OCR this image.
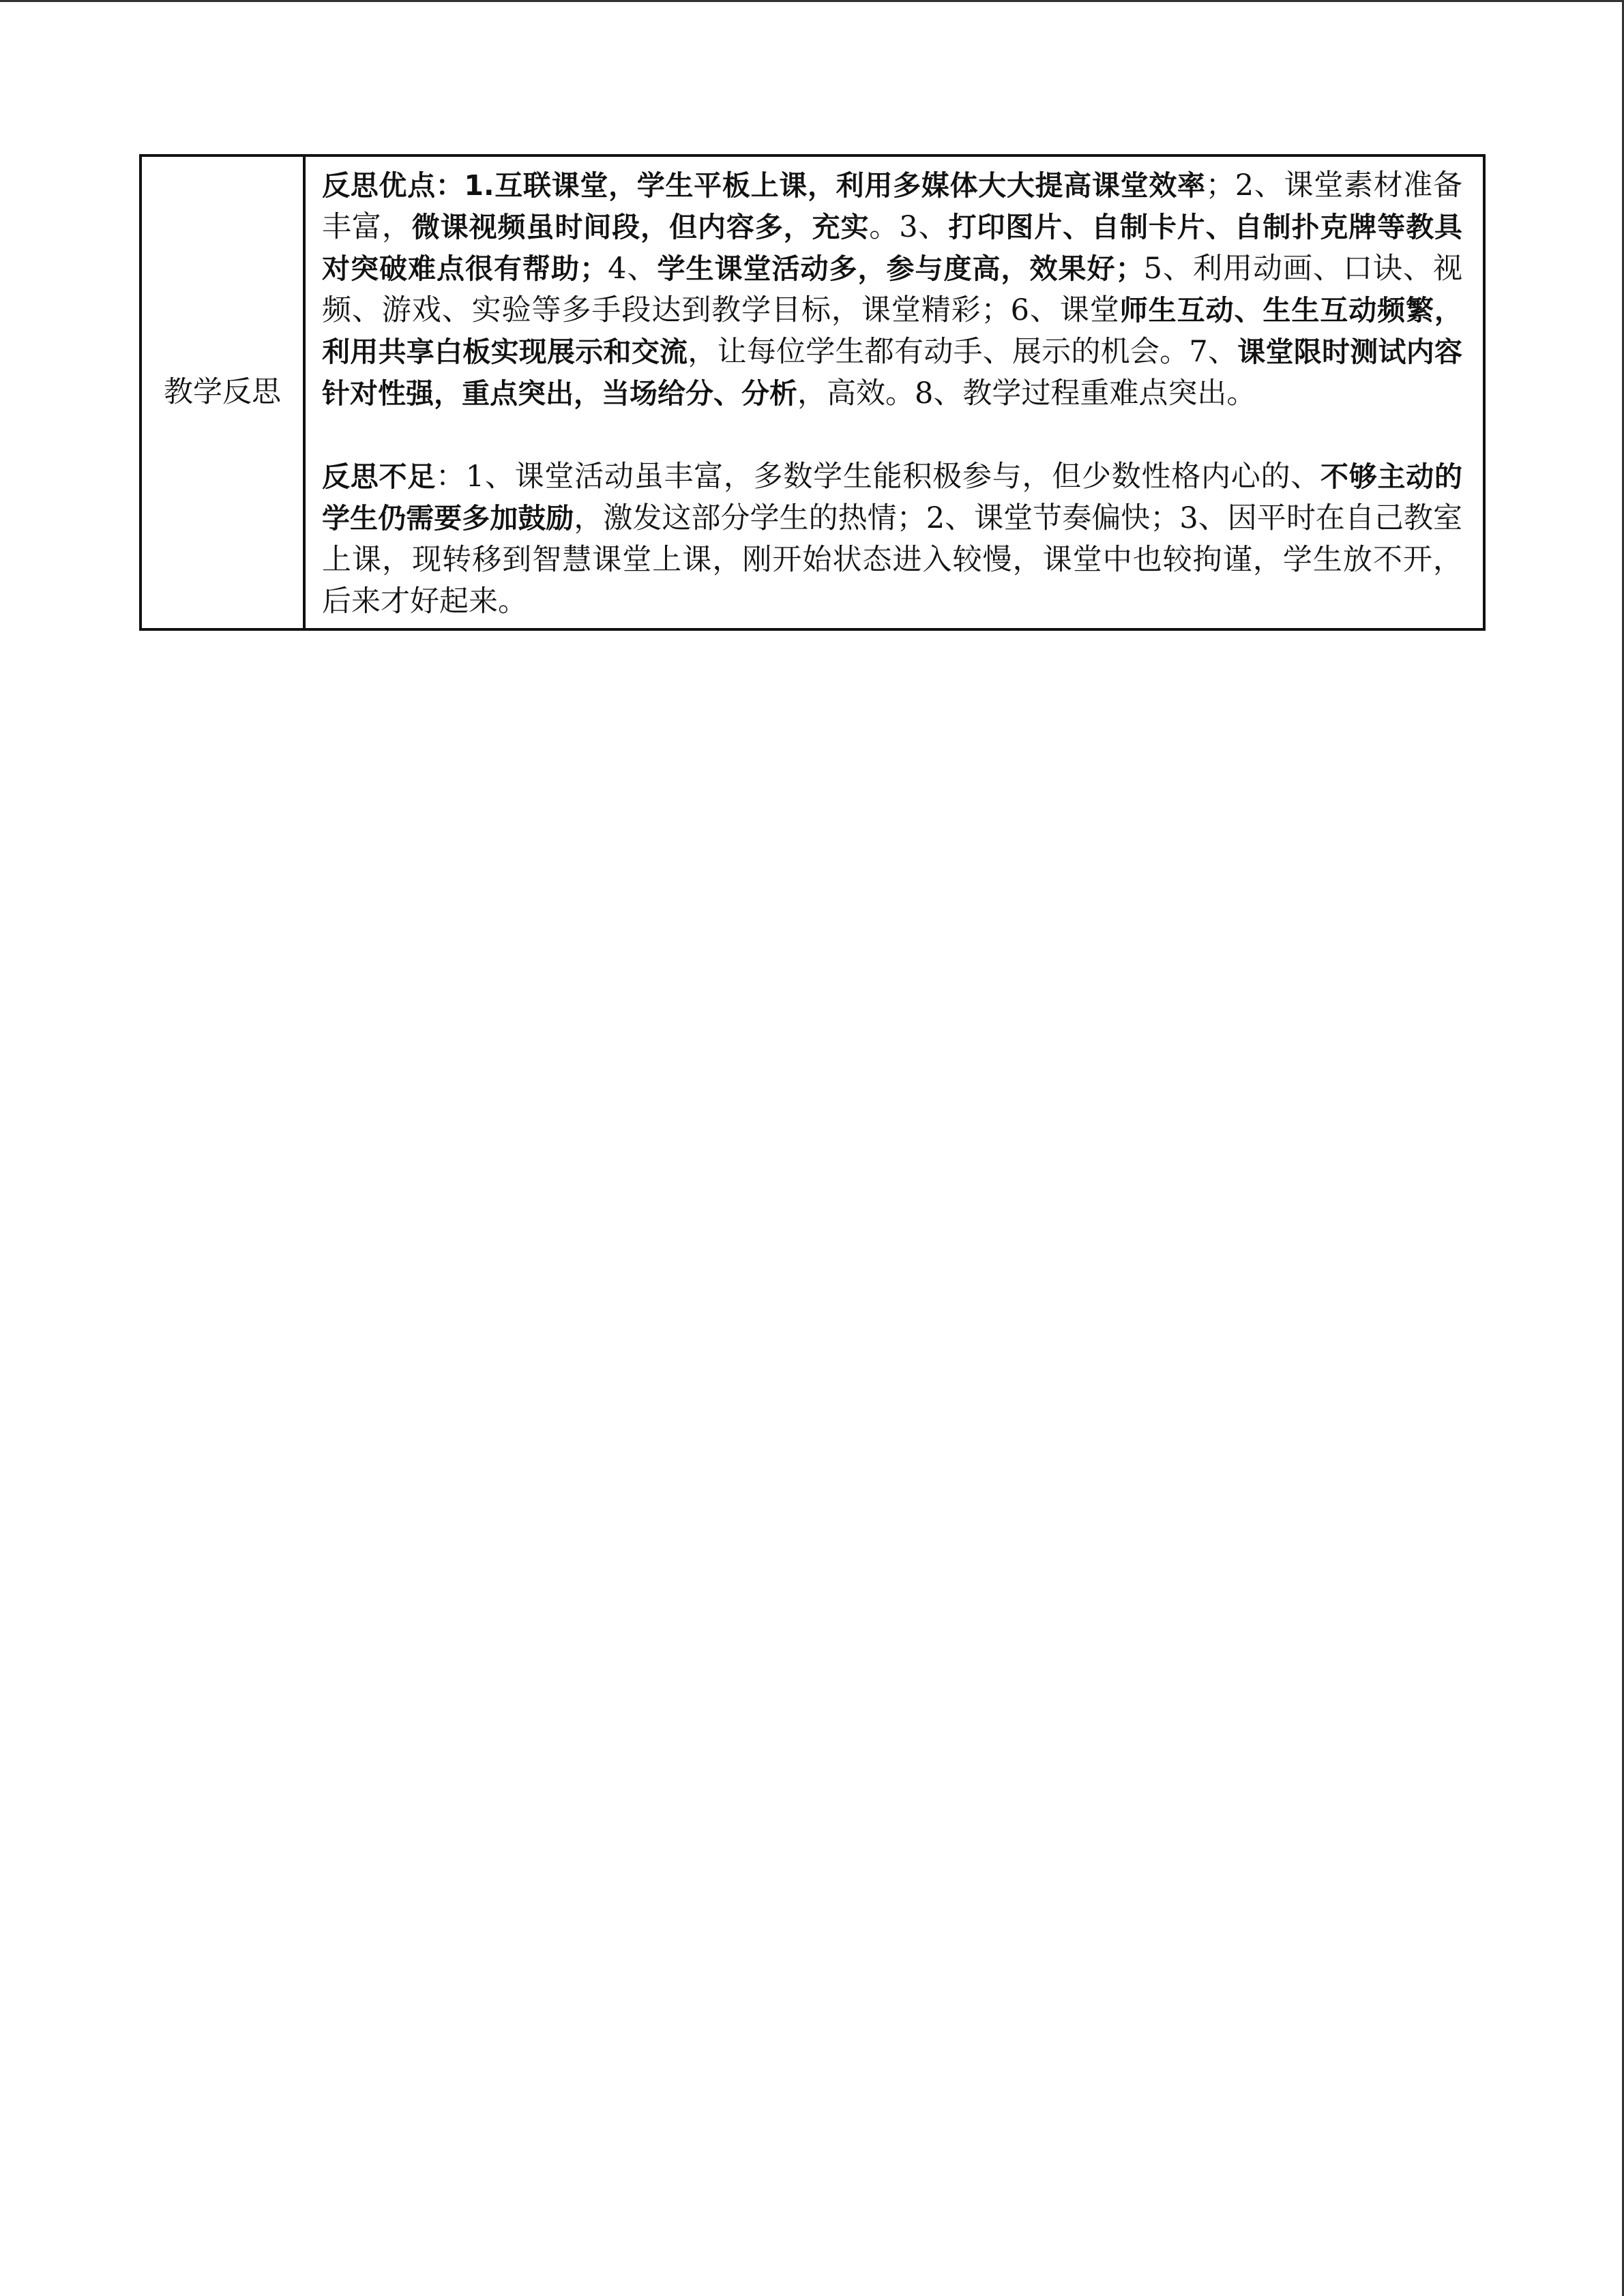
教学反思	

反思优点：1.互联课堂，学生平板上课，利用多媒体大大提高课堂效率；2、课堂素材准备丰富，微课视频虽时间段，但内容多，充实。3、打印图片、自制卡片、自制扑克牌等教具对突破难点很有帮助；4、学生课堂活动多，参与度高，效果好；5、利用动画、口诀、视频、游戏、实验等多手段达到教学目标，课堂精彩；6、课堂师生互动、生生互动频繁，利用共享白板实现展示和交流，让每位学生都有动手、展示的机会。7、课堂限时测试内容针对性强，重点突出，当场给分、分析，高效。8、教学过程重难点突出。

反思不足：1、课堂活动虽丰富，多数学生能积极参与，但少数性格内心的、不够主动的学生仍需要多加鼓励，激发这部分学生的热情；2、课堂节奏偏快；3、因平时在自己教室上课，现转移到智慧课堂上课，刚开始状态进入较慢，课堂中也较拘谨，学生放不开，后来才好起来。
